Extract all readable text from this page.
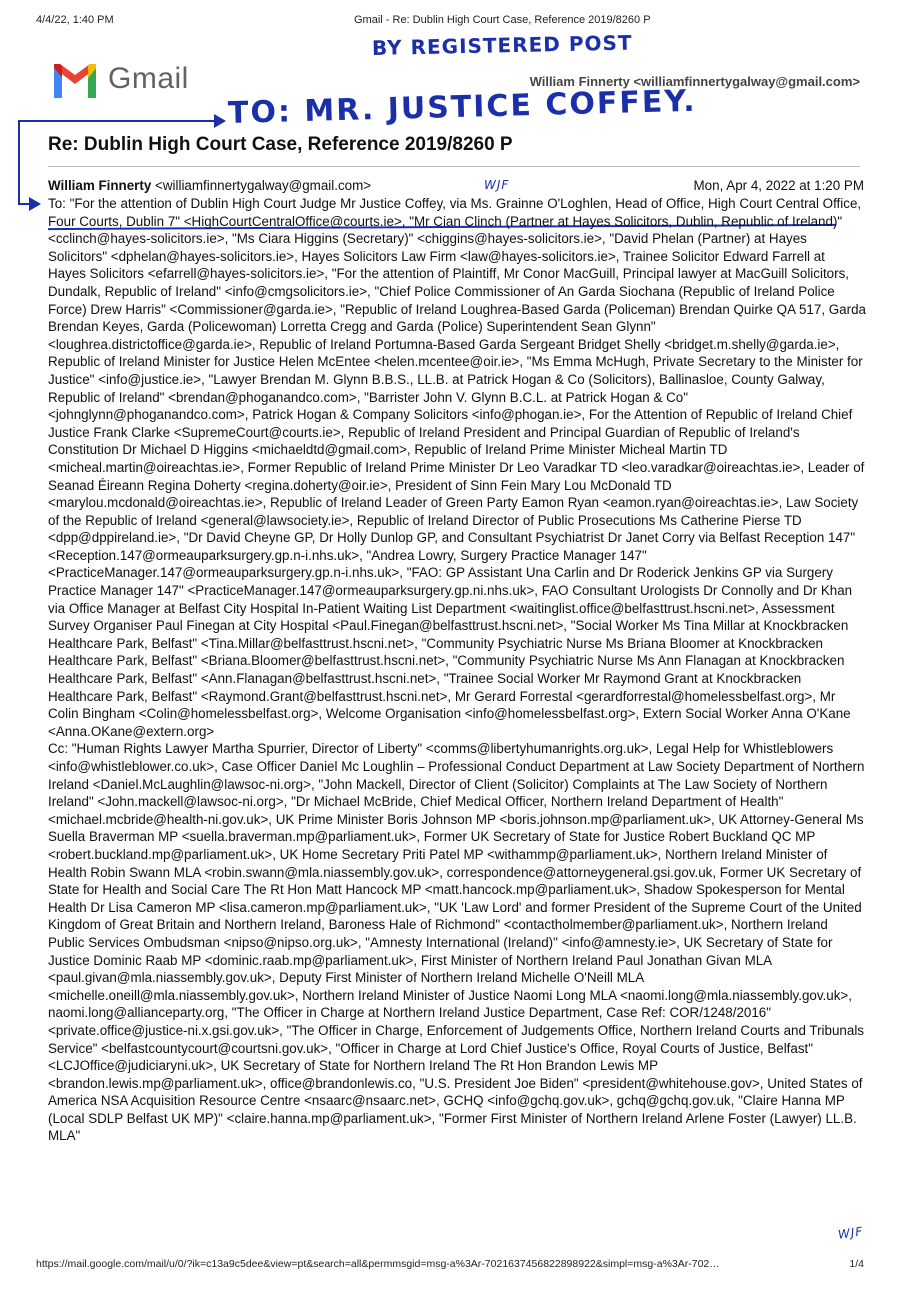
4/4/22, 1:40 PM	Gmail - Re: Dublin High Court Case, Reference 2019/8260 P
BY REGISTERED POST
Gmail	William Finnerty <williamfinnertygalway@gmail.com>
TO: MR. JUSTICE COFFEY.
Re: Dublin High Court Case, Reference 2019/8260 P
William Finnerty <williamfinnertygalway@gmail.com>	WJF	Mon, Apr 4, 2022 at 1:20 PM
To: "For the attention of Dublin High Court Judge Mr Justice Coffey, via Ms. Grainne O'Loghlen, Head of Office, High Court Central Office, Four Courts, Dublin 7" <HighCourtCentralOffice@courts.ie>, "Mr Cian Clinch (Partner at Hayes Solicitors, Dublin, Republic of Ireland)" <cclinch@hayes-solicitors.ie>, "Ms Ciara Higgins (Secretary)" <chiggins@hayes-solicitors.ie>, "David Phelan (Partner) at Hayes Solicitors" <dphelan@hayes-solicitors.ie>, Hayes Solicitors Law Firm <law@hayes-solicitors.ie>, Trainee Solicitor Edward Farrell at Hayes Solicitors <efarrell@hayes-solicitors.ie>, "For the attention of Plaintiff, Mr Conor MacGuill, Principal lawyer at MacGuill Solicitors, Dundalk, Republic of Ireland" <info@cmgsolicitors.ie>, "Chief Police Commissioner of An Garda Siochana (Republic of Ireland Police Force) Drew Harris" <Commissioner@garda.ie>, "Republic of Ireland Loughrea-Based Garda (Policeman) Brendan Quirke QA 517, Garda Brendan Keyes, Garda (Policewoman) Lorretta Cregg and Garda (Police) Superintendent Sean Glynn" <loughrea.districtoffice@garda.ie>, Republic of Ireland Portumna-Based Garda Sergeant Bridget Shelly <bridget.m.shelly@garda.ie>, Republic of Ireland Minister for Justice Helen McEntee <helen.mcentee@oir.ie>, "Ms Emma McHugh, Private Secretary to the Minister for Justice" <info@justice.ie>, "Lawyer Brendan M. Glynn B.B.S., LL.B. at Patrick Hogan & Co (Solicitors), Ballinasloe, County Galway, Republic of Ireland" <brendan@phoganandco.com>, "Barrister John V. Glynn B.C.L. at Patrick Hogan & Co" <johnglynn@phoganandco.com>, Patrick Hogan & Company Solicitors <info@phogan.ie>, For the Attention of Republic of Ireland Chief Justice Frank Clarke <SupremeCourt@courts.ie>, Republic of Ireland President and Principal Guardian of Republic of Ireland's Constitution Dr Michael D Higgins <michaeldtd@gmail.com>, Republic of Ireland Prime Minister Micheal Martin TD <micheal.martin@oireachtas.ie>, Former Republic of Ireland Prime Minister Dr Leo Varadkar TD <leo.varadkar@oireachtas.ie>, Leader of Seanad Éireann Regina Doherty <regina.doherty@oir.ie>, President of Sinn Fein Mary Lou McDonald TD <marylou.mcdonald@oireachtas.ie>, Republic of Ireland Leader of Green Party Eamon Ryan <eamon.ryan@oireachtas.ie>, Law Society of the Republic of Ireland <general@lawsociety.ie>, Republic of Ireland Director of Public Prosecutions Ms Catherine Pierse TD <dpp@dppireland.ie>, "Dr David Cheyne GP, Dr Holly Dunlop GP, and Consultant Psychiatrist Dr Janet Corry via Belfast Reception 147" <Reception.147@ormeauparksurgery.gp.n-i.nhs.uk>, "Andrea Lowry, Surgery Practice Manager 147" <PracticeManager.147@ormeauparksurgery.gp.n-i.nhs.uk>, "FAO: GP Assistant Una Carlin and Dr Roderick Jenkins GP via Surgery Practice Manager 147" <PracticeManager.147@ormeauparksurgery.gp.ni.nhs.uk>, FAO Consultant Urologists Dr Connolly and Dr Khan via Office Manager at Belfast City Hospital In-Patient Waiting List Department <waitinglist.office@belfasttrust.hscni.net>, Assessment Survey Organiser Paul Finegan at City Hospital <Paul.Finegan@belfasttrust.hscni.net>, "Social Worker Ms Tina Millar at Knockbracken Healthcare Park, Belfast" <Tina.Millar@belfasttrust.hscni.net>, "Community Psychiatric Nurse Ms Briana Bloomer at Knockbracken Healthcare Park, Belfast" <Briana.Bloomer@belfasttrust.hscni.net>, "Community Psychiatric Nurse Ms Ann Flanagan at Knockbracken Healthcare Park, Belfast" <Ann.Flanagan@belfasttrust.hscni.net>, "Trainee Social Worker Mr Raymond Grant at Knockbracken Healthcare Park, Belfast" <Raymond.Grant@belfasttrust.hscni.net>, Mr Gerard Forrestal <gerardforrestal@homelessbelfast.org>, Mr Colin Bingham <Colin@homelessbelfast.org>, Welcome Organisation <info@homelessbelfast.org>, Extern Social Worker Anna O'Kane <Anna.OKane@extern.org>
Cc: "Human Rights Lawyer Martha Spurrier, Director of Liberty" <comms@libertyhumanrights.org.uk>, Legal Help for Whistleblowers <info@whistleblower.co.uk>, Case Officer Daniel Mc Loughlin – Professional Conduct Department at Law Society Department of Northern Ireland <Daniel.McLaughlin@lawsoc-ni.org>, "John Mackell, Director of Client (Solicitor) Complaints at The Law Society of Northern Ireland" <John.mackell@lawsoc-ni.org>, "Dr Michael McBride, Chief Medical Officer, Northern Ireland Department of Health" <michael.mcbride@health-ni.gov.uk>, UK Prime Minister Boris Johnson MP <boris.johnson.mp@parliament.uk>, UK Attorney-General Ms Suella Braverman MP <suella.braverman.mp@parliament.uk>, Former UK Secretary of State for Justice Robert Buckland QC MP <robert.buckland.mp@parliament.uk>, UK Home Secretary Priti Patel MP <withammp@parliament.uk>, Northern Ireland Minister of Health Robin Swann MLA <robin.swann@mla.niassembly.gov.uk>, correspondence@attorneygeneral.gsi.gov.uk, Former UK Secretary of State for Health and Social Care The Rt Hon Matt Hancock MP <matt.hancock.mp@parliament.uk>, Shadow Spokesperson for Mental Health Dr Lisa Cameron MP <lisa.cameron.mp@parliament.uk>, "UK 'Law Lord' and former President of the Supreme Court of the United Kingdom of Great Britain and Northern Ireland, Baroness Hale of Richmond" <contactholmember@parliament.uk>, Northern Ireland Public Services Ombudsman <nipso@nipso.org.uk>, "Amnesty International (Ireland)" <info@amnesty.ie>, UK Secretary of State for Justice Dominic Raab MP <dominic.raab.mp@parliament.uk>, First Minister of Northern Ireland Paul Jonathan Givan MLA <paul.givan@mla.niassembly.gov.uk>, Deputy First Minister of Northern Ireland Michelle O'Neill MLA <michelle.oneill@mla.niassembly.gov.uk>, Northern Ireland Minister of Justice Naomi Long MLA <naomi.long@mla.niassembly.gov.uk>, naomi.long@allianceparty.org, "The Officer in Charge at Northern Ireland Justice Department, Case Ref: COR/1248/2016" <private.office@justice-ni.x.gsi.gov.uk>, "The Officer in Charge, Enforcement of Judgements Office, Northern Ireland Courts and Tribunals Service" <belfastcountycourt@courtsni.gov.uk>, "Officer in Charge at Lord Chief Justice's Office, Royal Courts of Justice, Belfast" <LCJOffice@judiciaryni.uk>, UK Secretary of State for Northern Ireland The Rt Hon Brandon Lewis MP <brandon.lewis.mp@parliament.uk>, office@brandonlewis.co, "U.S. President Joe Biden" <president@whitehouse.gov>, United States of America NSA Acquisition Resource Centre <nsaarc@nsaarc.net>, GCHQ <info@gchq.gov.uk>, gchq@gchq.gov.uk, "Claire Hanna MP (Local SDLP Belfast UK MP)" <claire.hanna.mp@parliament.uk>, "Former First Minister of Northern Ireland Arlene Foster (Lawyer) LL.B. MLA"
WJF
https://mail.google.com/mail/u/0/?ik=c13a9c5dee&view=pt&search=all&permmsgid=msg-a%3Ar-7021637456822898922&simpl=msg-a%3Ar-702…	1/4
